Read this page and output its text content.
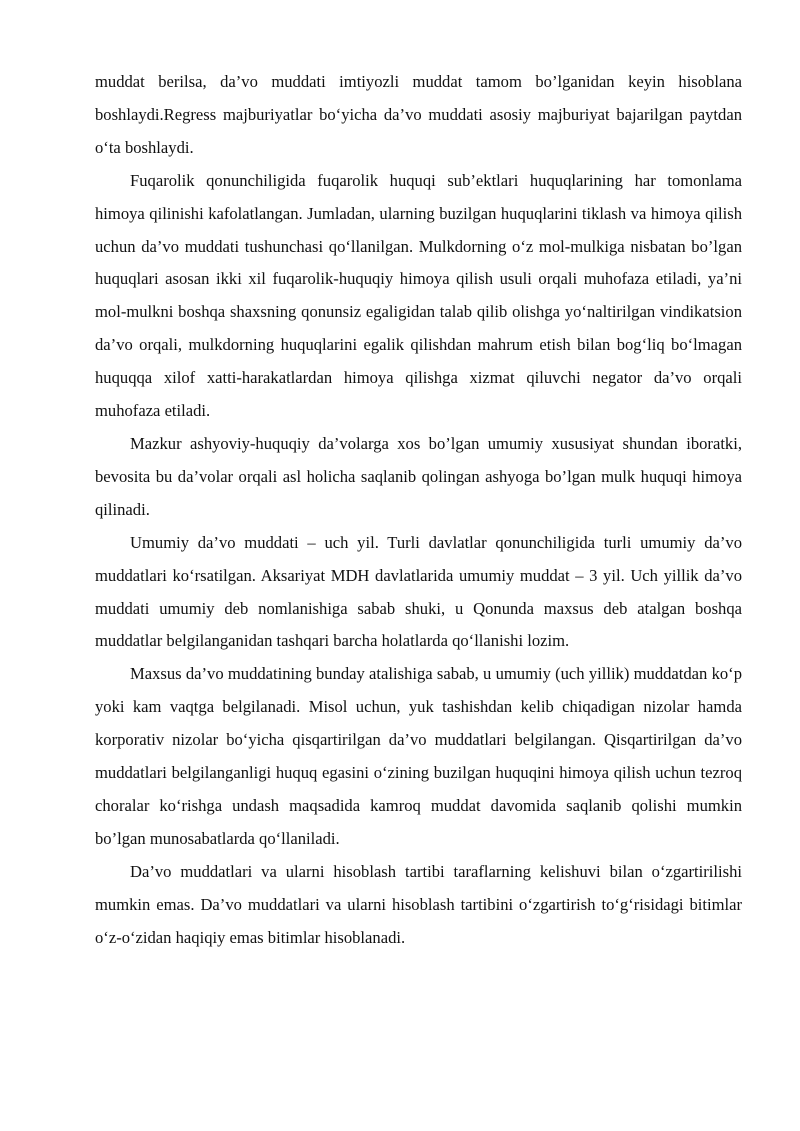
muddat berilsa, da’vo muddati imtiyozli muddat tamom bo’lganidan keyin hisoblana boshlaydi.Regress majburiyatlar bo‘yicha da’vo muddati asosiy majburiyat bajarilgan paytdan o‘ta boshlaydi.

Fuqarolik qonunchiligida fuqarolik huquqi sub’ektlari huquqlarining har tomonlama himoya qilinishi kafolatlangan. Jumladan, ularning buzilgan huquqlarini tiklash va himoya qilish uchun da’vo muddati tushunchasi qo‘llanilgan. Mulkdorning o‘z mol-mulkiga nisbatan bo’lgan huquqlari asosan ikki xil fuqarolik-huquqiy himoya qilish usuli orqali muhofaza etiladi, ya’ni mol-mulkni boshqa shaxsning qonunsiz egaligidan talab qilib olishga yo‘naltirilgan vindikatsion da’vo orqali, mulkdorning huquqlarini egalik qilishdan mahrum etish bilan bog‘liq bo‘lmagan huquqqa xilof xatti-harakatlardan himoya qilishga xizmat qiluvchi negator da’vo orqali muhofaza etiladi.

Mazkur ashyoviy-huquqiy da’volarga xos bo’lgan umumiy xususiyat shundan iboratki, bevosita bu da’volar orqali asl holicha saqlanib qolingan ashyoga bo’lgan mulk huquqi himoya qilinadi.

Umumiy da’vo muddati – uch yil. Turli davlatlar qonunchiligida turli umumiy da’vo muddatlari ko‘rsatilgan. Aksariyat MDH davlatlarida umumiy muddat – 3 yil. Uch yillik da’vo muddati umumiy deb nomlanishiga sabab shuki, u Qonunda maxsus deb atalgan boshqa muddatlar belgilanganidan tashqari barcha holatlarda qo‘llanishi lozim.

Maxsus da’vo muddatining bunday atalishiga sabab, u umumiy (uch yillik) muddatdan ko‘p yoki kam vaqtga belgilanadi. Misol uchun, yuk tashishdan kelib chiqadigan nizolar hamda korporativ nizolar bo‘yicha qisqartirilgan da’vo muddatlari belgilangan. Qisqartirilgan da’vo muddatlari belgilanganligi huquq egasini o‘zining buzilgan huquqini himoya qilish uchun tezroq choralar ko‘rishga undash maqsadida kamroq muddat davomida saqlanib qolishi mumkin bo’lgan munosabatlarda qo‘llaniladi.

Da’vo muddatlari va ularni hisoblash tartibi taraflarning kelishuvi bilan o‘zgartirilishi mumkin emas. Da’vo muddatlari va ularni hisoblash tartibini o‘zgartirish to‘g‘risidagi bitimlar o‘z-o‘zidan haqiqiy emas bitimlar hisoblanadi.
